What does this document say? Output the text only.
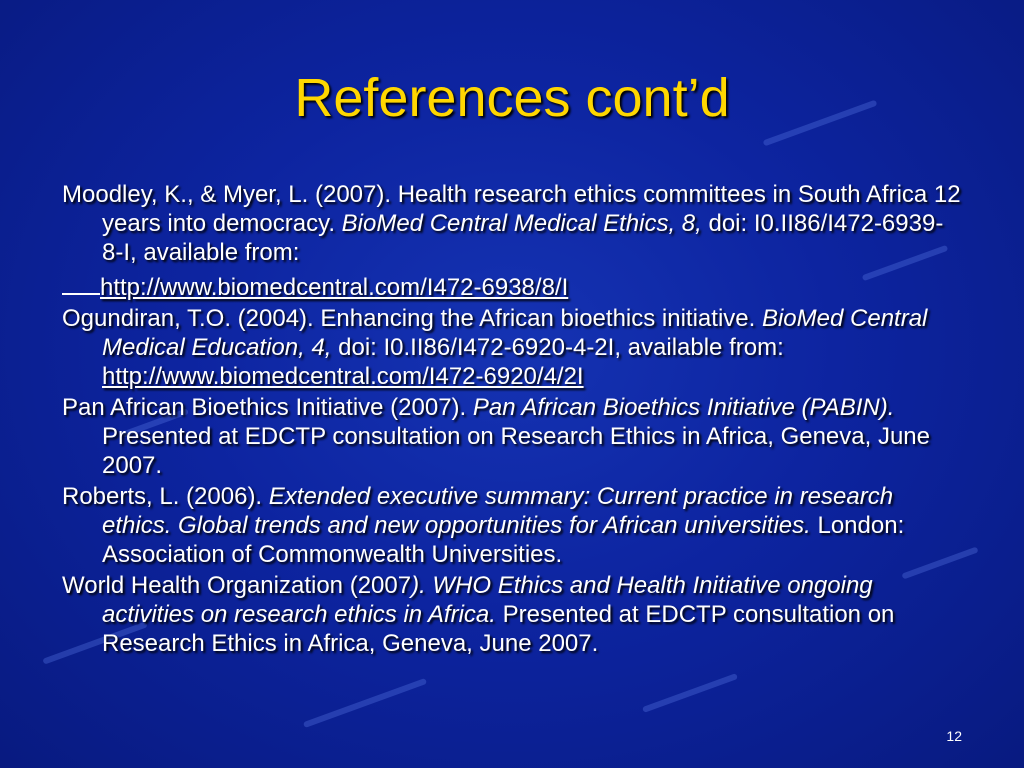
References cont’d
Moodley, K., & Myer, L. (2007). Health research ethics committees in South Africa 12 years into democracy. BioMed Central Medical Ethics, 8, doi: I0.II86/I472-6939-8-I, available from:
http://www.biomedcentral.com/I472-6938/8/I
Ogundiran, T.O. (2004). Enhancing the African bioethics initiative. BioMed Central Medical Education, 4, doi: I0.II86/I472-6920-4-2I, available from: http://www.biomedcentral.com/I472-6920/4/2I
Pan African Bioethics Initiative (2007). Pan African Bioethics Initiative (PABIN). Presented at EDCTP consultation on Research Ethics in Africa, Geneva, June 2007.
Roberts, L. (2006). Extended executive summary: Current practice in research ethics. Global trends and new opportunities for African universities. London: Association of Commonwealth Universities.
World Health Organization (2007). WHO Ethics and Health Initiative ongoing activities on research ethics in Africa. Presented at EDCTP consultation on Research Ethics in Africa, Geneva, June 2007.
12
